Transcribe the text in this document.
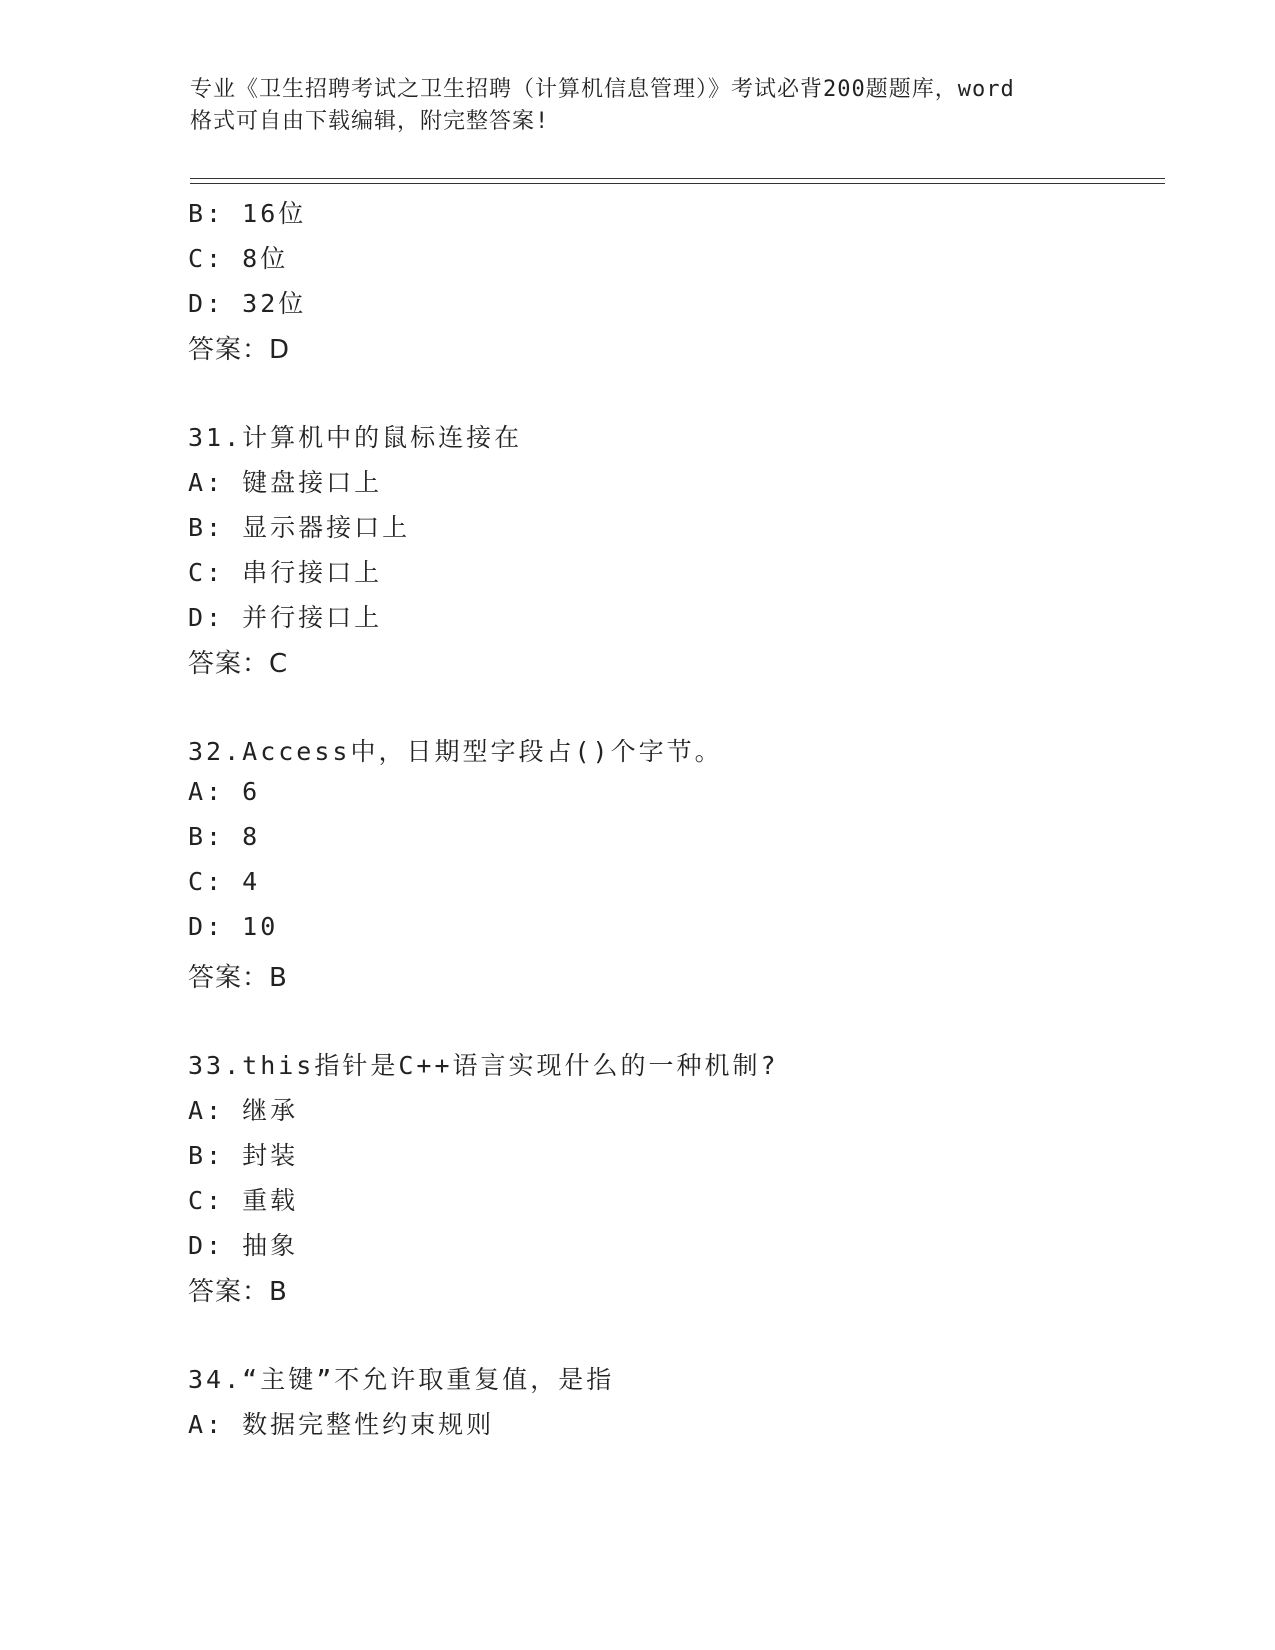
专业《卫生招聘考试之卫生招聘（计算机信息管理）》考试必背200题题库，word
格式可自由下载编辑，附完整答案!
B: 16位
C: 8位
D: 32位
答案：D
31.计算机中的鼠标连接在
A: 键盘接口上
B: 显示器接口上
C: 串行接口上
D: 并行接口上
答案：C
32.Access中，日期型字段占()个字节。
A: 6
B: 8
C: 4
D: 10
答案：B
33.this指针是C++语言实现什么的一种机制?
A: 继承
B: 封装
C: 重载
D: 抽象
答案：B
34.“主键”不允许取重复值，是指
A: 数据完整性约束规则
